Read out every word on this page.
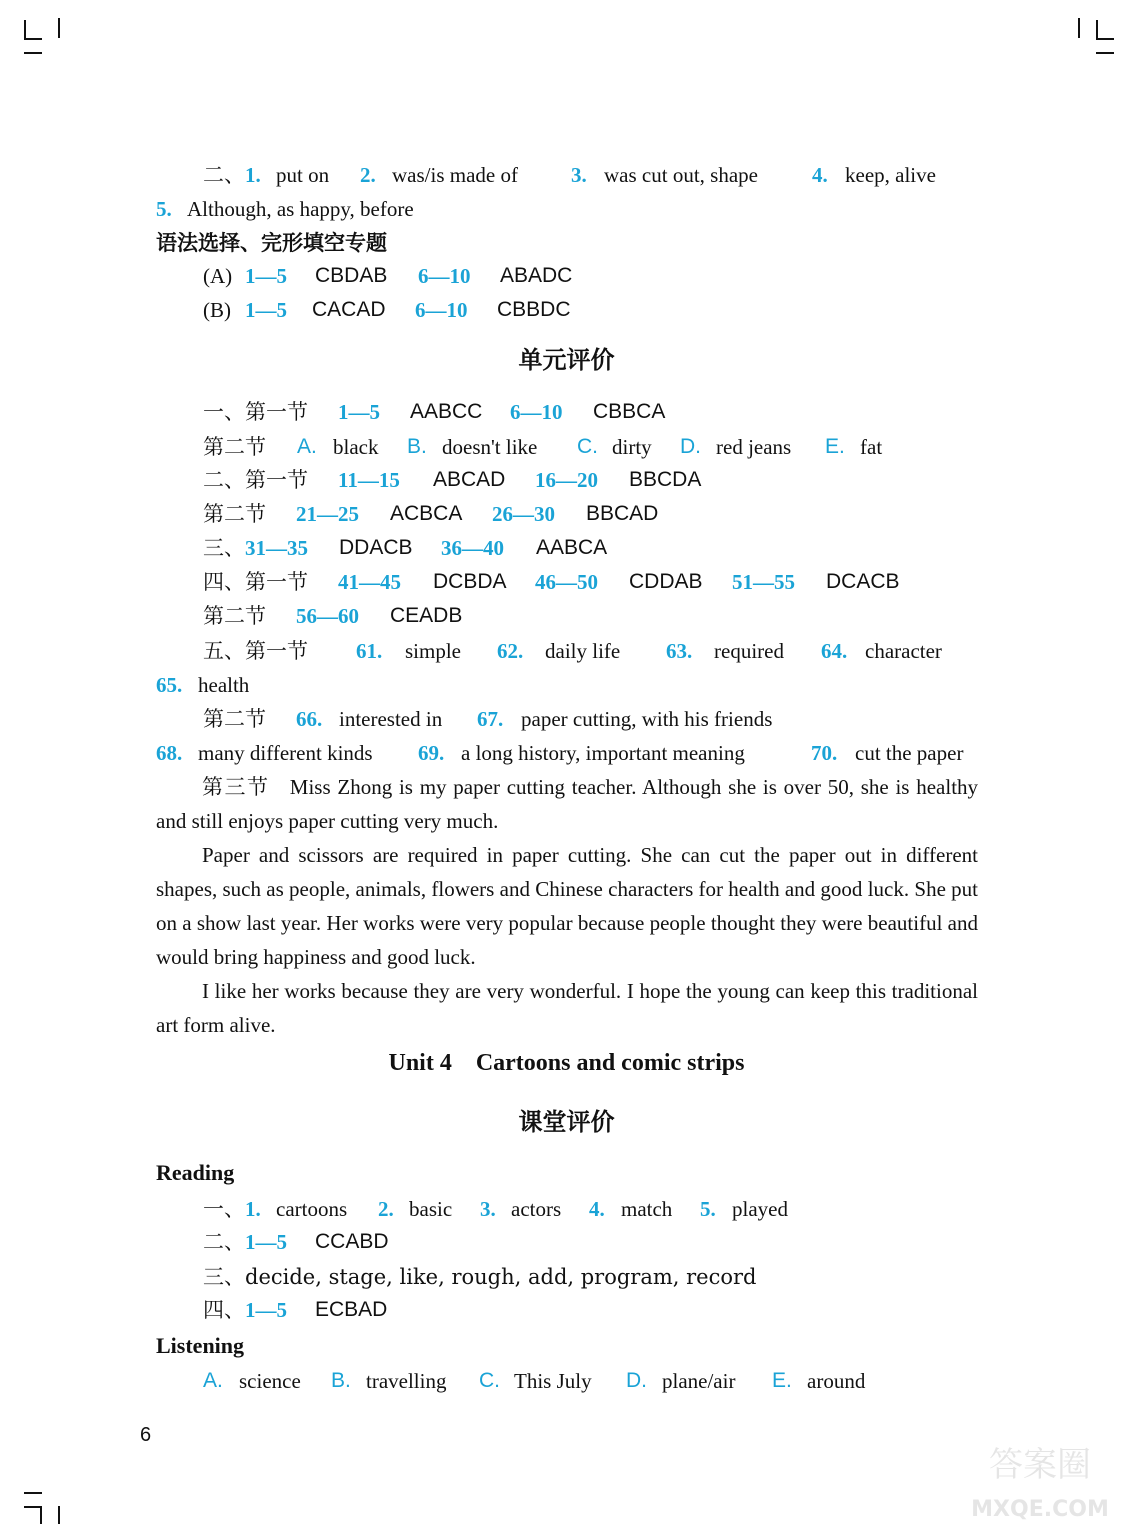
二、 1. put on 2. was/is made of	3. was cut out, shape	4. keep, alive
5. Although, as happy, before
语法选择、完形填空专题
(A) 1—5 CBDAB 6—10 ABADC
(B) 1—5 CACAD 6—10 CBBDC
单元评价
一、第一节 1—5 AABCC 6—10 CBBCA
第二节 A. black B. doesn't like C. dirty D. red jeans E. fat
二、第一节 11—15 ABCAD 16—20 BBCDA
第二节 21—25 ACBCA 26—30 BBCAD
三、 31—35 DDACB 36—40 AABCA
四、第一节 41—45 DCBDA 46—50 CDDAB 51—55 DCACB
第二节 56—60 CEADB
五、第一节 61. simple 62. daily life 63. required 64. character
65. health
第二节 66. interested in 67. paper cutting, with his friends
68. many different kinds 69. a long history, important meaning	70. cut the paper
第三节 Miss Zhong is my paper cutting teacher. Although she is over 50, she is healthy and still enjoys paper cutting very much.
Paper and scissors are required in paper cutting. She can cut the paper out in different shapes, such as people, animals, flowers and Chinese characters for health and good luck. She put on a show last year. Her works were very popular because people thought they were beautiful and would bring happiness and good luck.
I like her works because they are very wonderful. I hope the young can keep this traditional art form alive.
Unit 4    Cartoons and comic strips
课堂评价
Reading
一、 1. cartoons 2. basic 3. actors 4. match 5. played
二、 1—5 CCABD
三、decide, stage, like, rough, add, program, record
四、 1—5 ECBAD
Listening
A. science B. travelling C. This July D. plane/air E. around
6
答案圈
MXQE.COM
